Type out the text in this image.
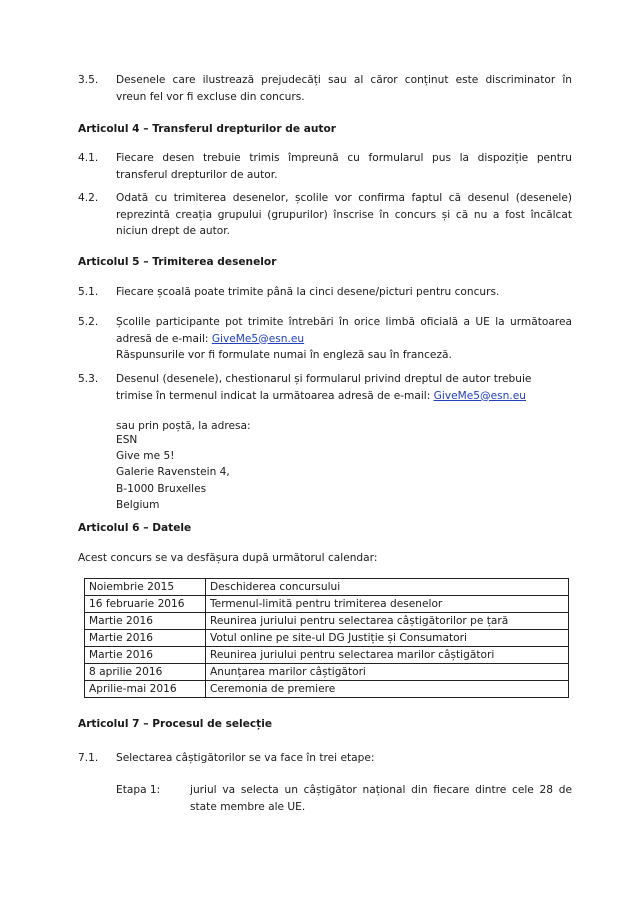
3.5. Desenele care ilustrează prejudecăți sau al căror conținut este discriminator în
vreun fel vor fi excluse din concurs.
Articolul 4 – Transferul drepturilor de autor
4.1. Fiecare desen trebuie trimis împreună cu formularul pus la dispoziție pentru
transferul drepturilor de autor.
4.2. Odată cu trimiterea desenelor, școlile vor confirma faptul că desenul (desenele)
reprezintă creația grupului (grupurilor) înscrise în concurs și că nu a fost încălcat
niciun drept de autor.
Articolul 5 – Trimiterea desenelor
5.1. Fiecare școală poate trimite până la cinci desene/picturi pentru concurs.
5.2. Școlile participante pot trimite întrebări în orice limbă oficială a UE la următoarea
adresă de e-mail: GiveMe5@esn.eu
Răspunsurile vor fi formulate numai în engleză sau în franceză.
5.3. Desenul (desenele), chestionarul și formularul privind dreptul de autor trebuie
trimise în termenul indicat la următoarea adresă de e-mail: GiveMe5@esn.eu
sau prin poștă, la adresa:
ESN
Give me 5!
Galerie Ravenstein 4,
B-1000 Bruxelles
Belgium
Articolul 6 – Datele
Acest concurs se va desfășura după următorul calendar:
Noiembrie 2015	Deschiderea concursului
16 februarie 2016	Termenul-limită pentru trimiterea desenelor
Martie 2016	Reunirea juriului pentru selectarea câștigătorilor pe țară
Martie 2016	Votul online pe site-ul DG Justiție și Consumatori
Martie 2016	Reunirea juriului pentru selectarea marilor câștigători
8 aprilie 2016	Anunțarea marilor câștigători
Aprilie-mai 2016	Ceremonia de premiere
Articolul 7 – Procesul de selecție
7.1. Selectarea câștigătorilor se va face în trei etape:
Etapa 1:	juriul va selecta un câștigător național din fiecare dintre cele 28 de
state membre ale UE.
